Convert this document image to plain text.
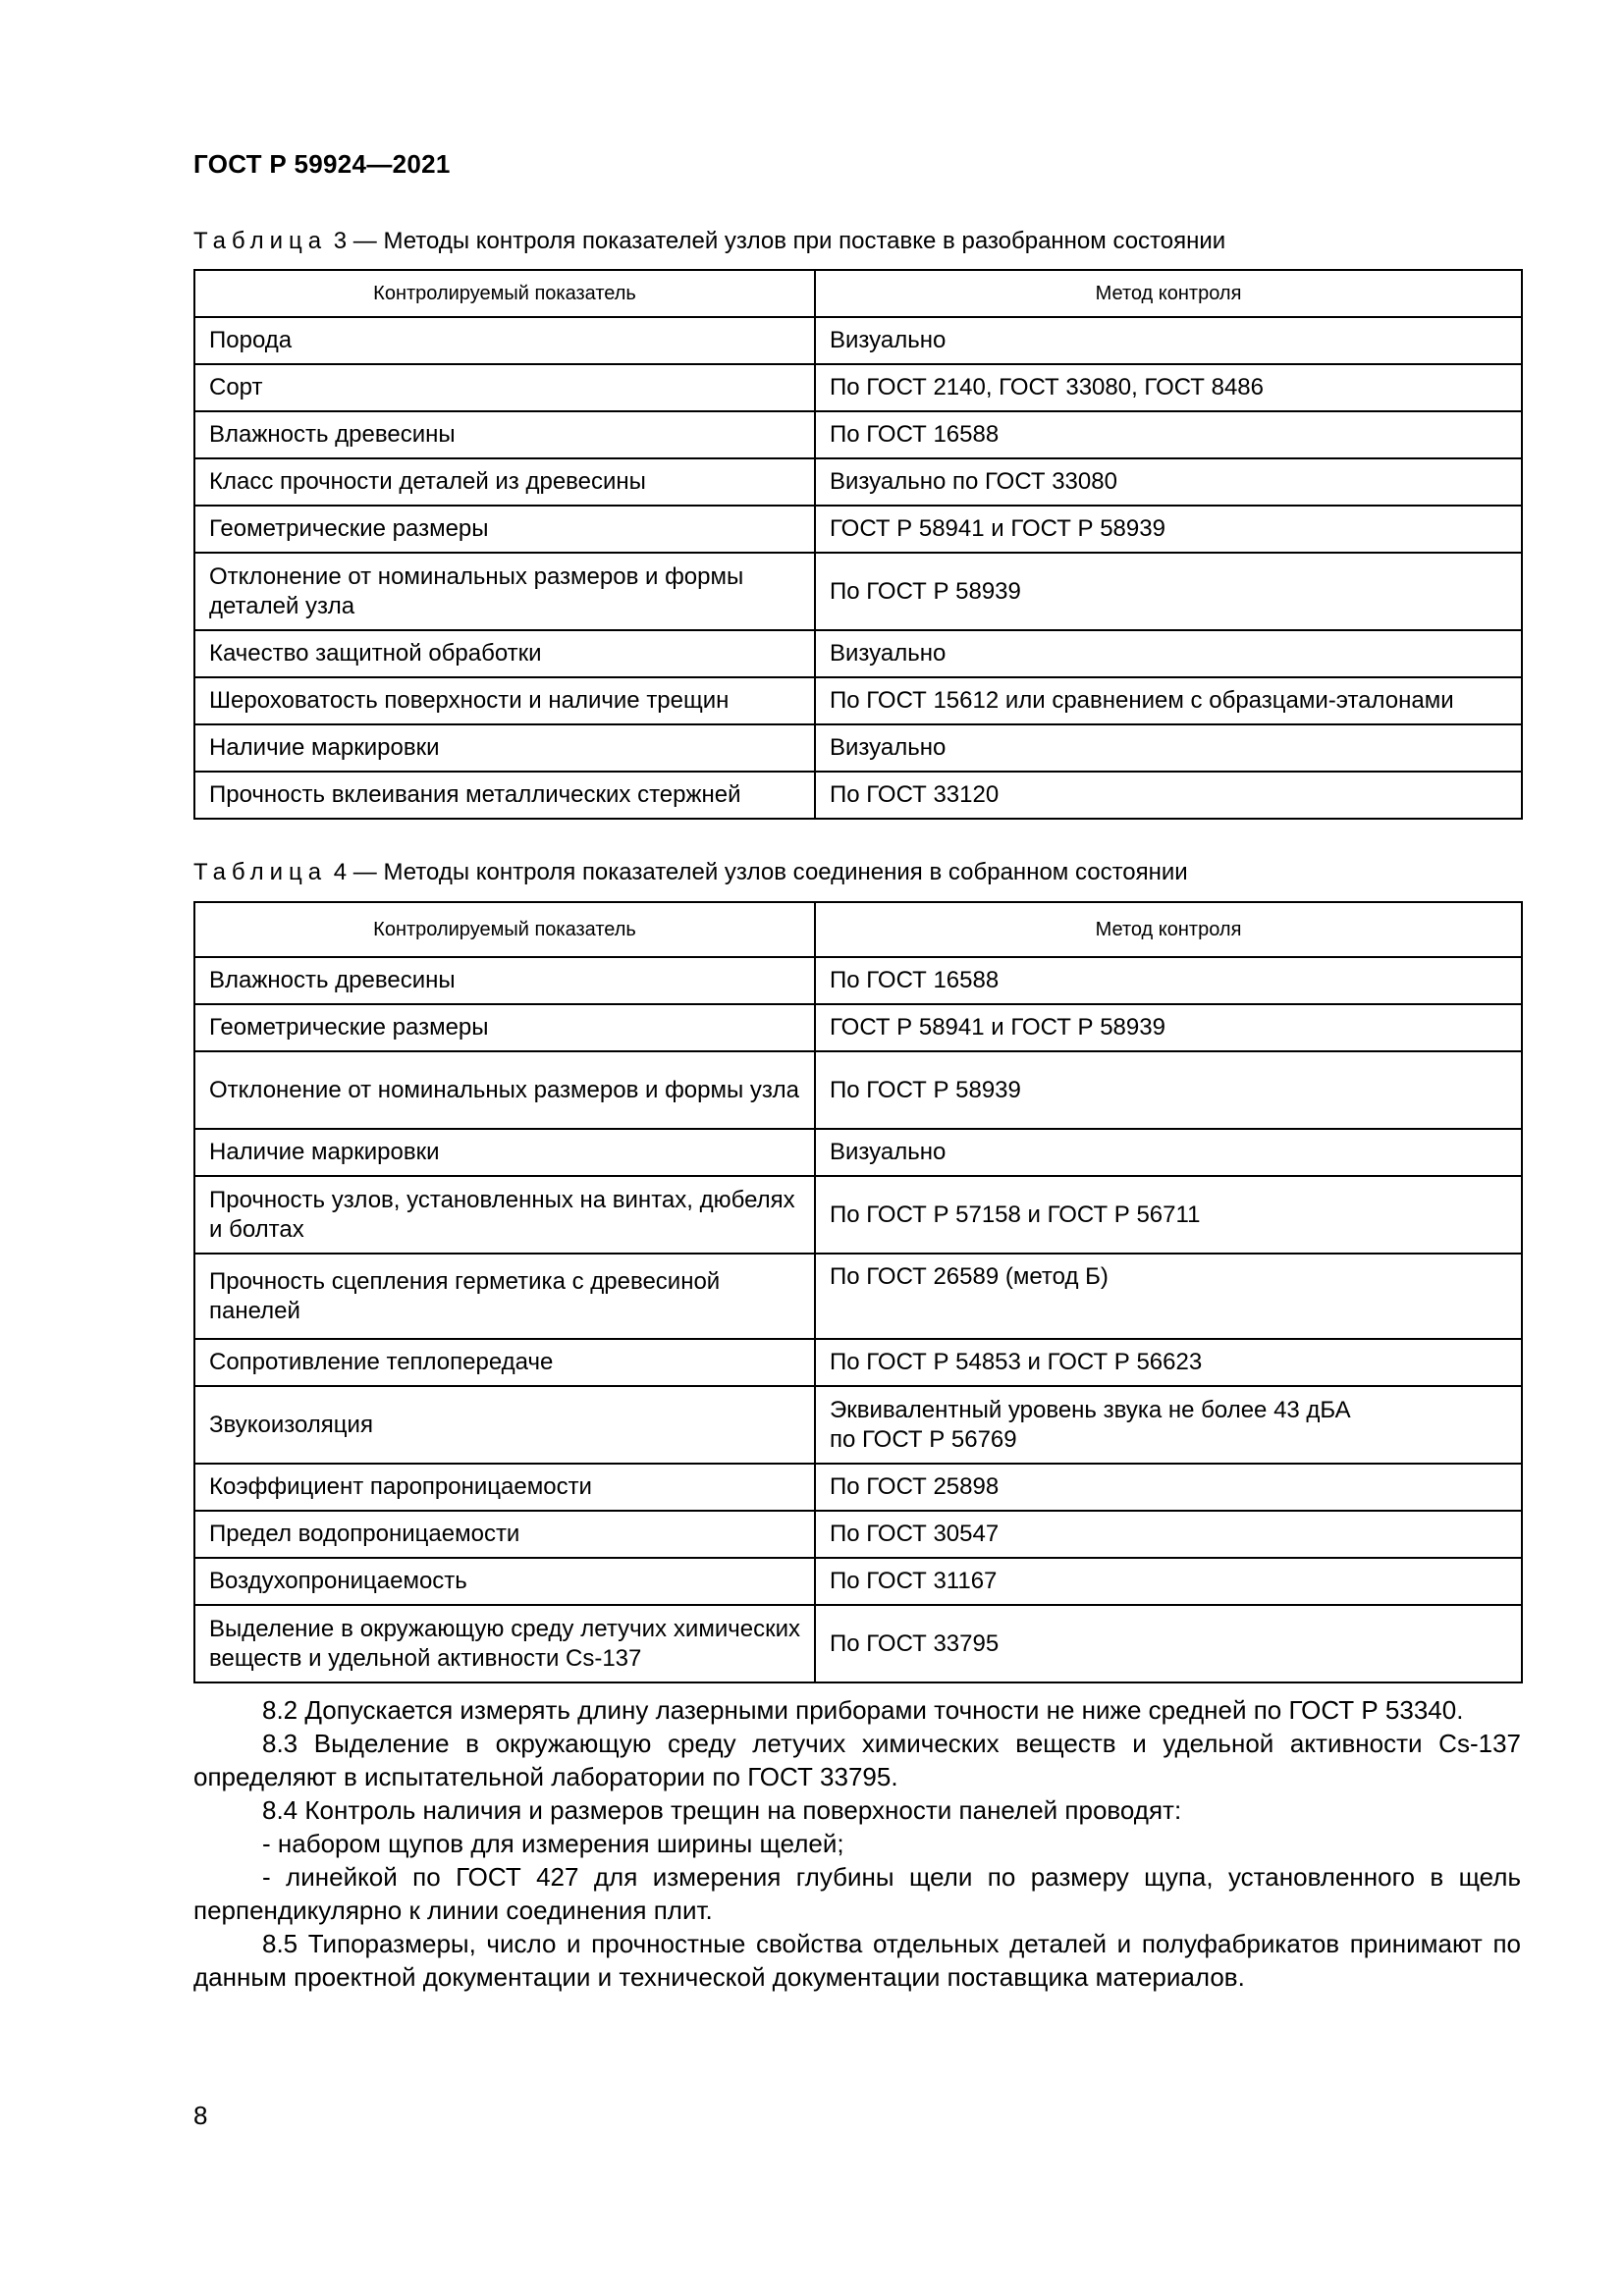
ГОСТ Р 59924—2021
Таблица 3 — Методы контроля показателей узлов при поставке в разобранном состоянии
Контролируемый показатель	Метод контроля
Порода	Визуально
Сорт	По ГОСТ 2140, ГОСТ 33080, ГОСТ 8486
Влажность древесины	По ГОСТ 16588
Класс прочности деталей из древесины	Визуально по ГОСТ 33080
Геометрические размеры	ГОСТ Р 58941 и ГОСТ Р 58939
Отклонение от номинальных размеров и формы деталей узла	По ГОСТ Р 58939
Качество защитной обработки	Визуально
Шероховатость поверхности и наличие трещин	По ГОСТ 15612 или сравнением с образцами-эталонами
Наличие маркировки	Визуально
Прочность вклеивания металлических стержней	По ГОСТ 33120
Таблица 4 — Методы контроля показателей узлов соединения в собранном состоянии
Контролируемый показатель	Метод контроля
Влажность древесины	По ГОСТ 16588
Геометрические размеры	ГОСТ Р 58941 и ГОСТ Р 58939
Отклонение от номинальных размеров и формы узла	По ГОСТ Р 58939
Наличие маркировки	Визуально
Прочность узлов, установленных на винтах, дюбелях и болтах	По ГОСТ Р 57158 и ГОСТ Р 56711
Прочность сцепления герметика с древесиной панелей	По ГОСТ 26589 (метод Б)
Сопротивление теплопередаче	По ГОСТ Р 54853 и ГОСТ Р 56623
Звукоизоляция	Эквивалентный уровень звука не более 43 дБА
по ГОСТ Р 56769
Коэффициент паропроницаемости	По ГОСТ 25898
Предел водопроницаемости	По ГОСТ 30547
Воздухопроницаемость	По ГОСТ 31167
Выделение в окружающую среду летучих химических веществ и удельной активности Cs-137	По ГОСТ 33795

8.2 Допускается измерять длину лазерными приборами точности не ниже средней по ГОСТ Р 53340.

8.3 Выделение в окружающую среду летучих химических веществ и удельной активности Cs-137 определяют в испытательной лаборатории по ГОСТ 33795.

8.4 Контроль наличия и размеров трещин на поверхности панелей проводят:

- набором щупов для измерения ширины щелей;

- линейкой по ГОСТ 427 для измерения глубины щели по размеру щупа, установленного в щель перпендикулярно к линии соединения плит.

8.5 Типоразмеры, число и прочностные свойства отдельных деталей и полуфабрикатов принимают по данным проектной документации и технической документации поставщика материалов.

8
